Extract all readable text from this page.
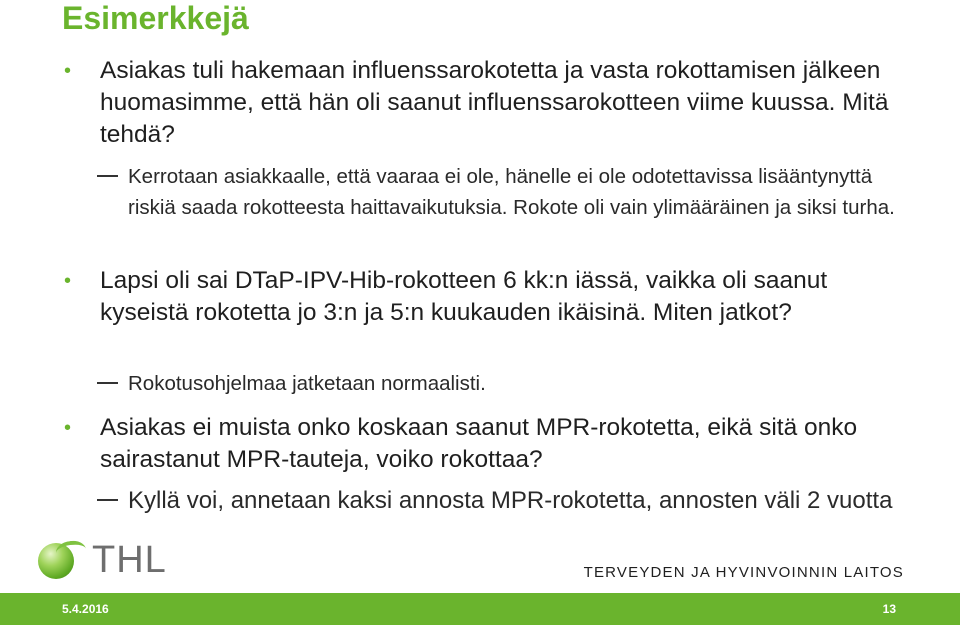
Esimerkkejä

• Asiakas tuli hakemaan influenssarokotetta ja vasta rokottamisen jälkeen huomasimme, että hän oli saanut influenssarokotteen viime kuussa. Mitä tehdä?

Kerrotaan asiakkaalle, että vaaraa ei ole, hänelle ei ole odotettavissa lisääntynyttä riskiä saada rokotteesta haittavaikutuksia. Rokote oli vain ylimääräinen ja siksi turha.

• Lapsi oli sai DTaP-IPV-Hib-rokotteen 6 kk:n iässä, vaikka oli saanut kyseistä rokotetta jo 3:n ja 5:n kuukauden ikäisinä. Miten jatkot?

Rokotusohjelmaa jatketaan normaalisti.

• Asiakas ei muista onko koskaan saanut MPR-rokotetta, eikä sitä onko sairastanut MPR-tauteja, voiko rokottaa?

Kyllä voi, annetaan kaksi annosta MPR-rokotetta, annosten väli 2 vuotta

THL	TERVEYDEN JA HYVINVOINNIN LAITOS
5.4.2016	13
